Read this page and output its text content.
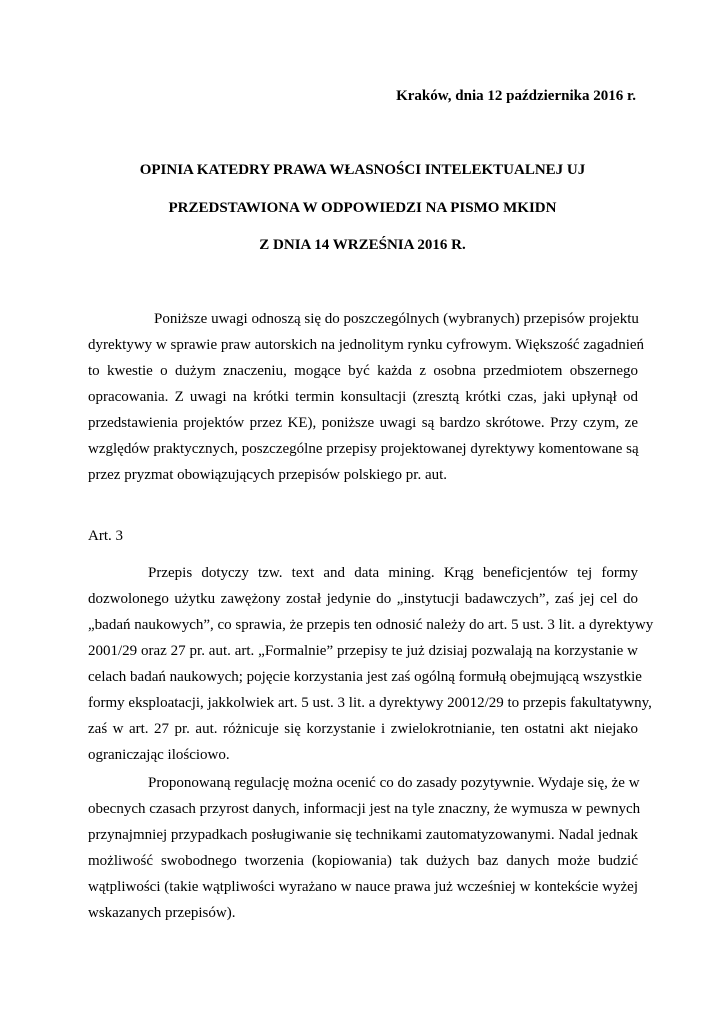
Kraków, dnia 12 października 2016 r.
OPINIA KATEDRY PRAWA WŁASNOŚCI INTELEKTUALNEJ UJ
PRZEDSTAWIONA W ODPOWIEDZI NA PISMO MKIDN
Z DNIA 14 WRZEŚNIA 2016 R.
Poniższe uwagi odnoszą się do poszczególnych (wybranych) przepisów projektu
dyrektywy w sprawie praw autorskich na jednolitym rynku cyfrowym. Większość zagadnień
to kwestie o dużym znaczeniu, mogące być każda z osobna przedmiotem obszernego
opracowania. Z uwagi na krótki termin konsultacji (zresztą krótki czas, jaki upłynął od
przedstawienia projektów przez KE), poniższe uwagi są bardzo skrótowe. Przy czym, ze
względów praktycznych, poszczególne przepisy projektowanej dyrektywy komentowane są
przez pryzmat obowiązujących przepisów polskiego pr. aut.
Art. 3
Przepis dotyczy tzw. text and data mining. Krąg beneficjentów tej formy
dozwolonego użytku zawężony został jedynie do „instytucji badawczych”, zaś jej cel do
„badań naukowych”, co sprawia, że przepis ten odnosić należy do art. 5 ust. 3 lit. a dyrektywy
2001/29 oraz 27 pr. aut. art. „Formalnie” przepisy te już dzisiaj pozwalają na korzystanie w
celach badań naukowych; pojęcie korzystania jest zaś ogólną formułą obejmującą wszystkie
formy eksploatacji, jakkolwiek art. 5 ust. 3 lit. a dyrektywy 20012/29 to przepis fakultatywny,
zaś w art. 27 pr. aut. różnicuje się korzystanie i zwielokrotnianie, ten ostatni akt niejako
ograniczając ilościowo.
Proponowaną regulację można ocenić co do zasady pozytywnie. Wydaje się, że w
obecnych czasach przyrost danych, informacji jest na tyle znaczny, że wymusza w pewnych
przynajmniej przypadkach posługiwanie się technikami zautomatyzowanymi. Nadal jednak
możliwość swobodnego tworzenia (kopiowania) tak dużych baz danych może budzić
wątpliwości (takie wątpliwości wyrażano w nauce prawa już wcześniej w kontekście wyżej
wskazanych przepisów).
